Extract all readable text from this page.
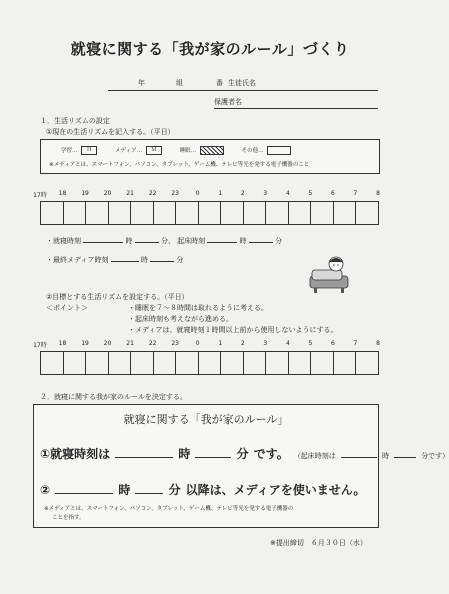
就寝に関する「我が家のルール」づくり
年	組	番 生徒氏名
保護者名
１．生活リズムの設定
①現在の生活リズムを記入する。（平日）
学習… Ｈ	メディア… Ｍ	睡眠…	その他…
※メディアとは、スマートフォン、パソコン、タブレット、ゲーム機、テレビ等光を発する電子機器のこと
17時 18 19 20 21 22 23	0	1	2	3	4	5	6	7	8

・就寝時刻	時	分、 起床時刻	時	分
・最終メディア時刻	時	分
②目標とする生活リズムを設定する。（平日）
＜ポイント＞	・睡眠を７～８時間は取れるように考える。
・起床時刻も考えながら進める。
・メディアは、就寝時刻１時間以上前から使用しないようにする。
17時 18 19 20 21 22 23	0	1	2	3	4	5	6	7	8

２．就寝に関する我が家のルールを決定する。
就寝に関する「我が家のルール」
①就寝時刻は	時	分 です。 （起床時刻は	時	分です）
②	時	分 以降は、メディアを使いません。
※メディアとは、スマートフォン、パソコン、タブレット、ゲーム機、テレビ等光を発する電子機器の
ことを指す。
※提出締切　６月３０日（水）
